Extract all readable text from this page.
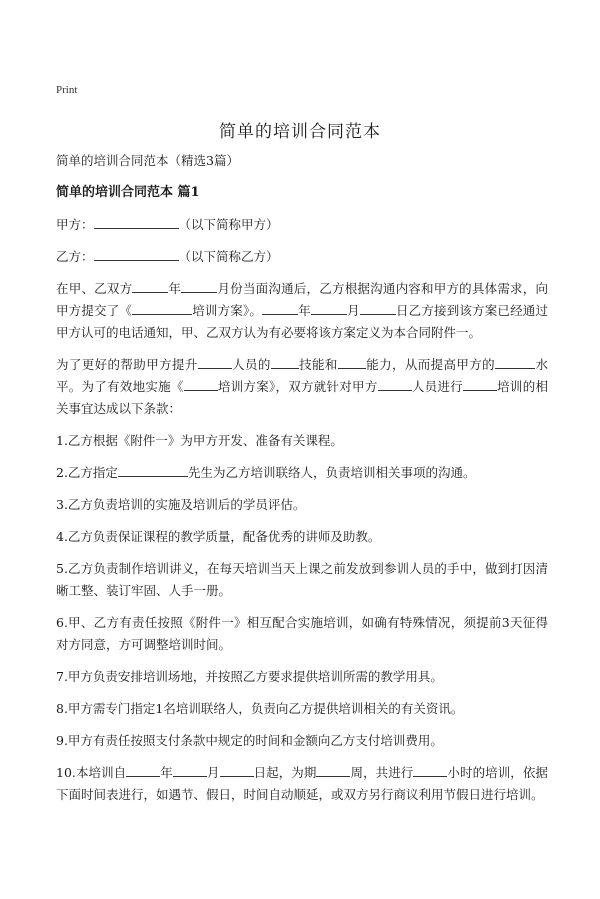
Print
简单的培训合同范本

简单的培训合同范本（精选3篇）

简单的培训合同范本 篇1

甲方：	（以下简称甲方）

乙方：	（以下简称乙方）

在甲、乙双方	年	月份当面沟通后，乙方根据沟通内容和甲方的具体需求，向甲方提交了《	培训方案》。	年	月	日乙方接到该方案已经通过甲方认可的电话通知，甲、乙双方认为有必要将该方案定义为本合同附件一。

为了更好的帮助甲方提升	人员的 技能和 能力，从而提高甲方的	水平。为了有效地实施《	培训方案》，双方就针对甲方	人员进行	培训的相关事宜达成以下条款：

1.乙方根据《附件一》为甲方开发、准备有关课程。

2.乙方指定	先生为乙方培训联络人，负责培训相关事项的沟通。

3.乙方负责培训的实施及培训后的学员评估。

4.乙方负责保证课程的教学质量，配备优秀的讲师及助教。

5.乙方负责制作培训讲义，在每天培训当天上课之前发放到参训人员的手中，做到打因清晰工整、装订牢固、人手一册。

6.甲、乙方有责任按照《附件一》相互配合实施培训，如确有特殊情况，须提前3天征得对方同意，方可调整培训时间。

7.甲方负责安排培训场地，并按照乙方要求提供培训所需的教学用具。

8.甲方需专门指定1名培训联络人，负责向乙方提供培训相关的有关资讯。

9.甲方有责任按照支付条款中规定的时间和金额向乙方支付培训费用。

10.本培训自	年	月	日起，为期	周，共进行	小时的培训，依据下面时间表进行，如遇节、假日，时间自动顺延，或双方另行商议利用节假日进行培训。
